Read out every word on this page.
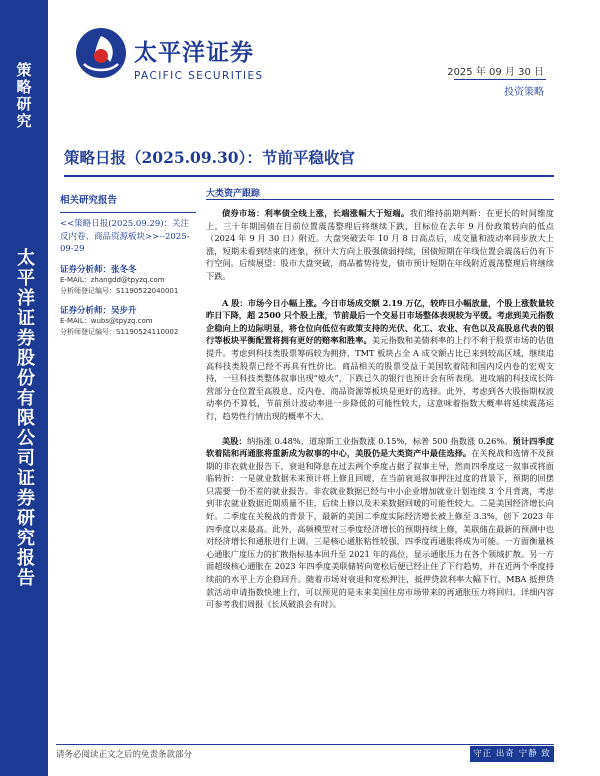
策略研究
太平洋证券股份有限公司证券研究报告
太平洋证券
PACIFIC SECURITIES	2025 年 09 月 30 日
投资策略
策略日报（2025.09.30）：节前平稳收官
相关研究报告
<<策略日报(2025.09.29)：关注反内卷、商品资源板块>>--2025-09-29
证券分析师：张冬冬
E-MAIL：zhangdd@tpyzq.com
分析师登记编号：S1190522040001
证券分析师：吴步升
E-MAIL：wubs@tpyzq.com
分析师登记编号：S1190524110002
大类资产跟踪

债券市场：利率债全线上涨，长端涨幅大于短端。我们维持前期判断：在更长的时间维度上，三十年期国债在目前位置震荡整理后将继续下跌，目标位在去年 9 月份政策转向的低点（2024 年 9 月 30 日）附近。大盘突破去年 10 月 8 日高点后，成交量和波动率同步放大上涨，短期未看到结束的迹象，预计大方向上股强债弱持续，国债短期在年线位置会震荡后仍有下行空间。后续展望：股市大盘突破，商品蓄势待发，债市预计短期在年线附近震荡整理后将继续下跌。

A 股：市场今日小幅上涨。今日市场成交额 2.19 万亿，较昨日小幅放量，个股上涨数量较昨日下降，超 2500 只个股上涨，节前最后一个交易日市场整体表现较为平缓。考虑到美元指数企稳向上的边际明显，将仓位向低位有政策支持的光伏、化工、农业、有色以及高股息代表的银行等板块平衡配置将拥有更好的赔率和胜率。美元指数和美债利率的上行不利于股票市场的估值提升。考虑到科技类股票筹码较为拥挤，TMT 板块占全 A 成交额占比已来到较高区域，继续追高科技类股票已经不再具有性价比。商品相关的股票受益于美国软着陆和国内反内卷的宏观支持，一旦科技类整体叙事出现“熄火”，下跌已久的银行也预计会有所表现。进攻端的科技成长阵营部分仓位置至高股息、反内卷、商品资源等板块是更好的选择。此外，考虑到各大股指期权波动率仍不算低，节前预计波动率进一步降低的可能性较大，这意味着指数大概率将延续震荡运行，趋势性行情出现的概率不大。

美股：纳指涨 0.48%，道琼斯工业指数涨 0.15%，标普 500 指数涨 0.26%。预计四季度软着陆和再通胀将重新成为叙事的中心，美股仍是大类资产中最佳选择。在关税战和选情不及预期的非农就业报告下，衰退和降息在过去两个季度占据了叙事主导，然而四季度这一叙事或将面临转折：一是就业数据未来预计将上修且回暖，在当前衰退叙事押注过度的背景下，预期的回摆只需要一份不差的就业报告。非农就业数据已经与中小企业增加就业计划连续 3 个月背离，考虑到非农就业数据近期质量不佳，后续上修以及未来数据回暖的可能性较大。二是美国经济增长向好。二季度在关税战的背景下，最新的美国二季度实际经济增长被上修至 3.3%，创下 2023 年四季度以来最高。此外，高频模型对三季度经济增长的预期持续上修，美联储在最新的预测中也对经济增长和通胀进行上调。三是核心通胀粘性较强，四季度再通胀将成为可能。一方面衡量核心通胀广度压力的扩散指标基本回升至 2021 年的高位，显示通胀压力在各个领域扩散。另一方面超级核心通胀在 2023 年四季度美联储转向宽松后便已经止住了下行趋势，并在近两个季度持续前的水平上方企稳回升。随着市场对衰退和宽松押注，抵押贷款利率大幅下行，MBA 抵押贷款活动申请指数快速上行，可以预见的是未来美国住房市场带来的再通胀压力将回归。详细内容可参考我们周报《长风破浪会有时》。

请务必阅读正文之后的免责条款部分	守正 出奇 宁静 致远
